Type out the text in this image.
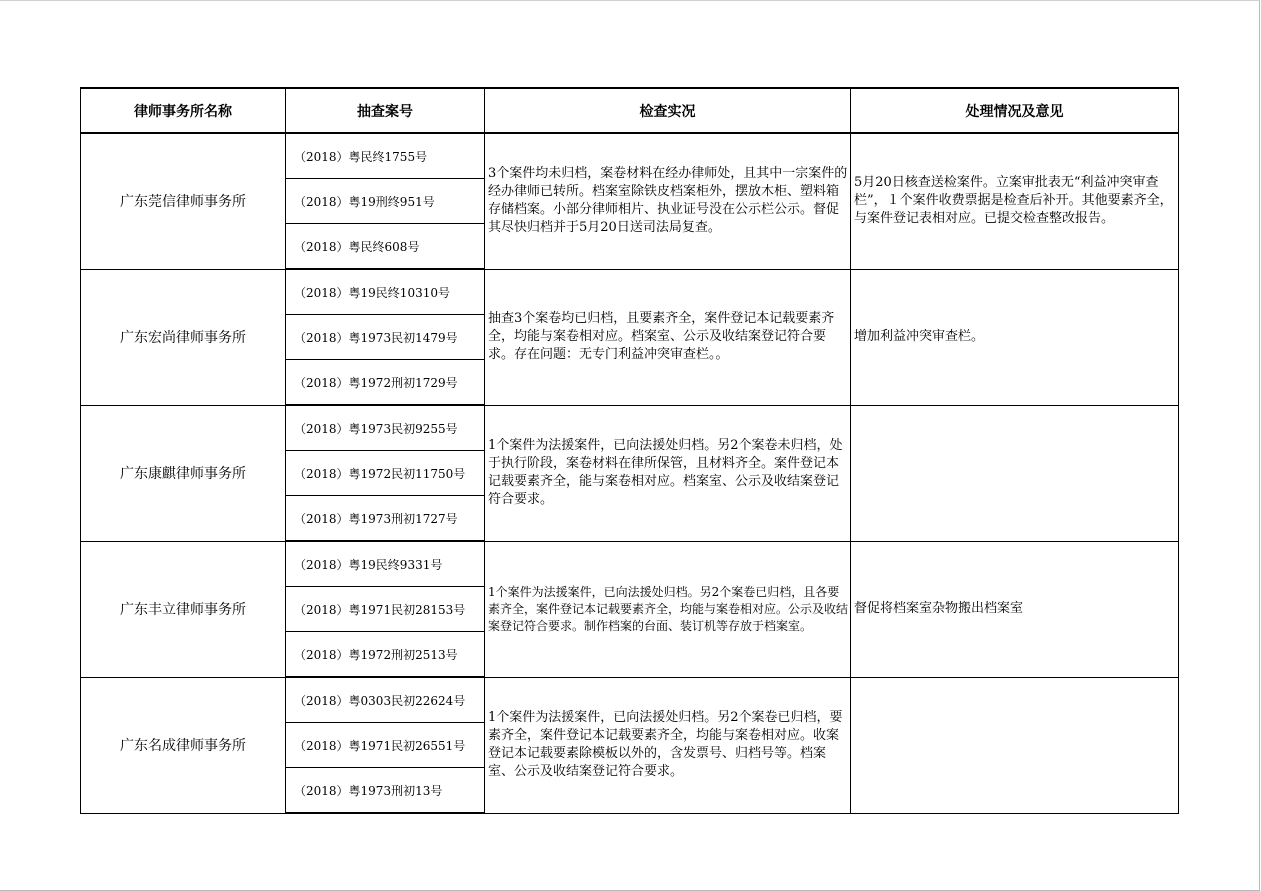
律师事务所名称	抽查案号	检查实况	处理情况及意见
广东莞信律师事务所	（2018）粤民终1755号	3个案件均未归档，案卷材料在经办律师处，且其中一宗案件的经办律师已转所。档案室除铁皮档案柜外，摆放木柜、塑料箱存储档案。小部分律师相片、执业证号没在公示栏公示。督促其尽快归档并于5月20日送司法局复查。	5月20日核查送检案件。立案审批表无“利益冲突审查栏”，１个案件收费票据是检查后补开。其他要素齐全，与案件登记表相对应。已提交检查整改报告。
	（2018）粤19刑终951号		
	（2018）粤民终608号		
广东宏尚律师事务所	（2018）粤19民终10310号	抽查3个案卷均已归档，且要素齐全，案件登记本记载要素齐全，均能与案卷相对应。档案室、公示及收结案登记符合要求。存在问题：无专门利益冲突审查栏。。	增加利益冲突审查栏。
	（2018）粤1973民初1479号		
	（2018）粤1972刑初1729号		
广东康麒律师事务所	（2018）粤1973民初9255号	1个案件为法援案件，已向法援处归档。另2个案卷未归档，处于执行阶段，案卷材料在律所保管，且材料齐全。案件登记本记载要素齐全，能与案卷相对应。档案室、公示及收结案登记符合要求。	
	（2018）粤1972民初11750号		
	（2018）粤1973刑初1727号		
广东丰立律师事务所	（2018）粤19民终9331号	1个案件为法援案件，已向法援处归档。另2个案卷已归档，且各要素齐全，案件登记本记载要素齐全，均能与案卷相对应。公示及收结案登记符合要求。制作档案的台面、装订机等存放于档案室。	督促将档案室杂物搬出档案室
	（2018）粤1971民初28153号		
	（2018）粤1972刑初2513号		
广东名成律师事务所	（2018）粤0303民初22624号	1个案件为法援案件，已向法援处归档。另2个案卷已归档，要素齐全，案件登记本记载要素齐全，均能与案卷相对应。收案登记本记载要素除模板以外的，含发票号、归档号等。档案室、公示及收结案登记符合要求。	
	（2018）粤1971民初26551号		
	（2018）粤1973刑初13号		
